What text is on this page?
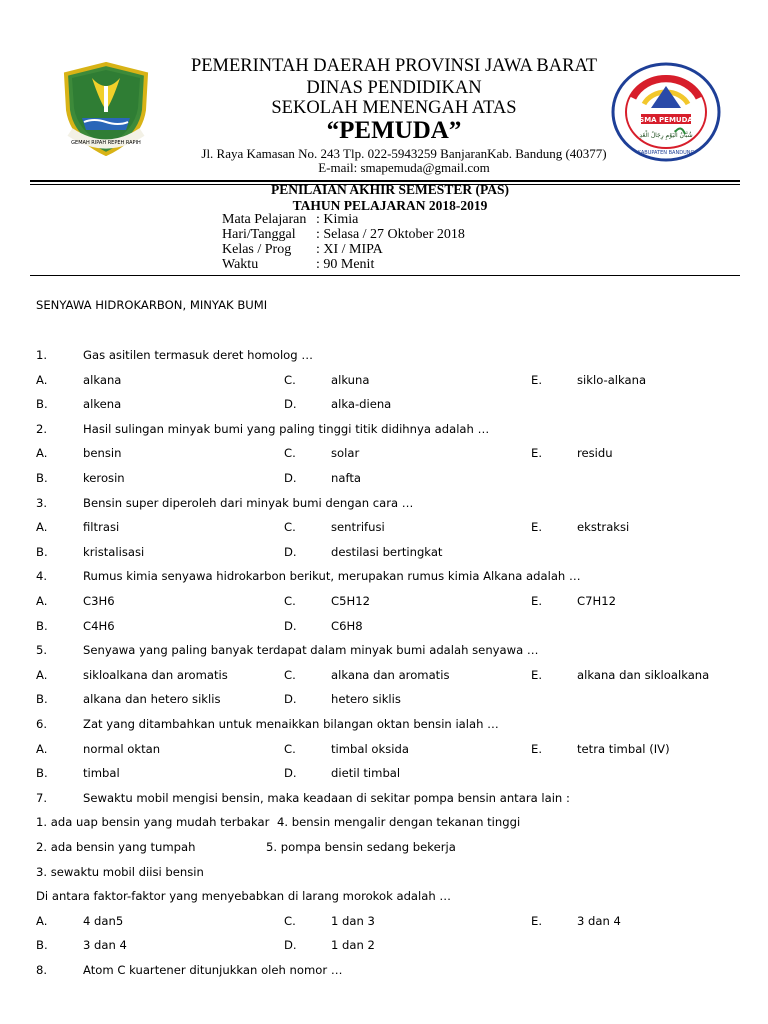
PEMERINTAH DAERAH PROVINSI JAWA BARAT
DINAS PENDIDIKAN
SEKOLAH MENENGAH ATAS
“PEMUDA”
Jl. Raya Kamasan No. 243 Tlp. 022-5943259 BanjaranKab. Bandung (40377)
E-mail: smapemuda@gmail.com
GEMAH RIPAH REPEH RAPIH
SMA PEMUDA
شُبَّانُ الْيَوْمِ رِجَالُ الْغَدِ
KABUPATEN BANDUNG
PENILAIAN AKHIR SEMESTER (PAS)
TAHUN PELAJARAN 2018-2019
Mata Pelajaran : Kimia
Hari/Tanggal : Selasa / 27 Oktober 2018
Kelas / Prog : XI / MIPA
Waktu	: 90 Menit
SENYAWA HIDROKARBON, MINYAK BUMI
1.	Gas asitilen termasuk deret homolog …
A.	alkana	C.	alkuna	E.	siklo-alkana
B.	alkena	D.	alka-diena
2.	Hasil sulingan minyak bumi yang paling tinggi titik didihnya adalah …
A.	bensin	C.	solar	E.	residu
B.	kerosin	D.	nafta
3.	Bensin super diperoleh dari minyak bumi dengan cara …
A.	filtrasi	C.	sentrifusi	E.	ekstraksi
B.	kristalisasi	D.	destilasi bertingkat
4.	Rumus kimia senyawa hidrokarbon berikut, merupakan rumus kimia Alkana adalah …
A.	C3H6	C.	C5H12	E.	C7H12
B.	C4H6	D.	C6H8
5.	Senyawa yang paling banyak terdapat dalam minyak bumi adalah senyawa …
A.	sikloalkana dan aromatis	C.	alkana dan aromatis	E.	alkana dan sikloalkana
B.	alkana dan hetero siklis	D.	hetero siklis
6.	Zat yang ditambahkan untuk menaikkan bilangan oktan bensin ialah …
A.	normal oktan	C.	timbal oksida	E.	tetra timbal (IV)
B.	timbal	D.	dietil timbal
7.	Sewaktu mobil mengisi bensin, maka keadaan di sekitar pompa bensin antara lain :
1. ada uap bensin yang mudah terbakar 4. bensin mengalir dengan tekanan tinggi
2. ada bensin yang tumpah	5. pompa bensin sedang bekerja
3. sewaktu mobil diisi bensin
Di antara faktor-faktor yang menyebabkan di larang morokok adalah …
A.	4 dan5	C.	1 dan 3	E.	3 dan 4
B.	3 dan 4	D.	1 dan 2
8.	Atom C kuartener ditunjukkan oleh nomor …
